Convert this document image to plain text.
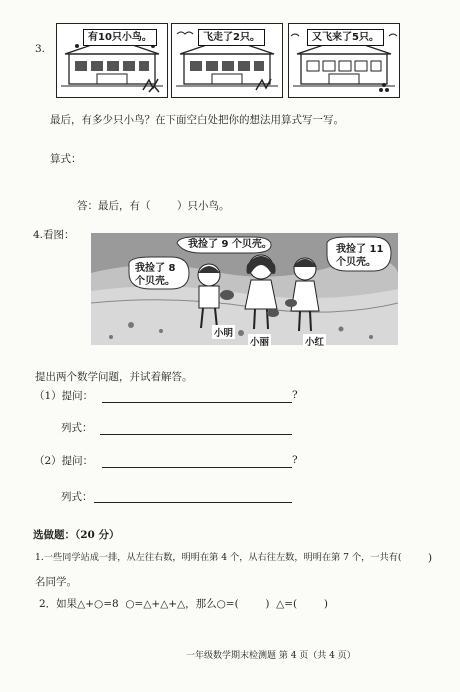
3.
有10只小鸟。	飞走了2只。	又飞来了5只。
最后，有多少只小鸟？在下面空白处把你的想法用算式写一写。
算式：
答：最后，有（	）只小鸟。
4.看图：
我捡了 9 个贝壳。
我捡了 8
个贝壳。
我捡了 11
个贝壳。
小明
小丽	小红
提出两个数学问题，并试着解答。
（1）提问：	?
列式：
（2）提问：	?
列式：
选做题：（20 分）
1.一些同学站成一排，从左往右数，明明在第 4 个，从右往左数，明明在第 7 个，一共有(	)
名同学。
2．如果△+○=8  ○=△+△+△，那么○=(        )  △=(        )
一年级数学期末检测题 第 4 页（共 4 页）
